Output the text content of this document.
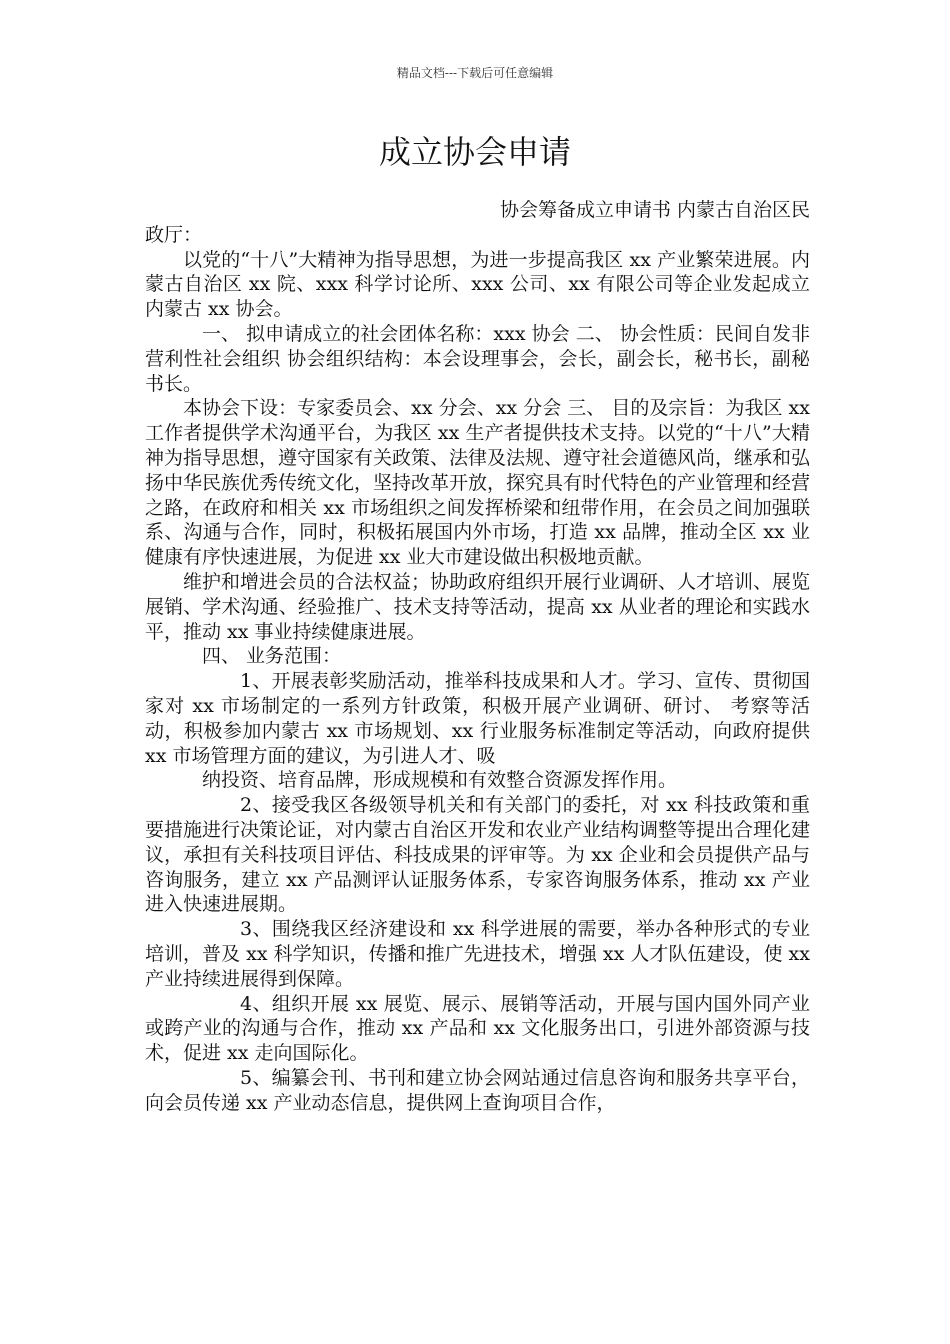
精品文档---下载后可任意编辑
成立协会申请

协会筹备成立申请书 内蒙古自治区民

政厅：

以党的“十八”大精神为指导思想，为进一步提高我区 xx 产业繁荣进展。内蒙古自治区 xx 院、xxx 科学讨论所、xxx 公司、xx 有限公司等企业发起成立内蒙古 xx 协会。

一、 拟申请成立的社会团体名称：xxx 协会 二、 协会性质：民间自发非营利性社会组织 协会组织结构：本会设理事会，会长，副会长，秘书长，副秘书长。

本协会下设：专家委员会、xx 分会、xx 分会 三、 目的及宗旨：为我区 xx 工作者提供学术沟通平台，为我区 xx 生产者提供技术支持。以党的“十八”大精神为指导思想，遵守国家有关政策、法律及法规、遵守社会道德风尚，继承和弘扬中华民族优秀传统文化，坚持改革开放，探究具有时代特色的产业管理和经营之路，在政府和相关 xx 市场组织之间发挥桥梁和纽带作用，在会员之间加强联系、沟通与合作，同时，积极拓展国内外市场，打造 xx 品牌，推动全区 xx 业健康有序快速进展，为促进 xx 业大市建设做出积极地贡献。

维护和增进会员的合法权益；协助政府组织开展行业调研、人才培训、展览展销、学术沟通、经验推广、技术支持等活动，提高 xx 从业者的理论和实践水平，推动 xx 事业持续健康进展。

四、 业务范围：

1、开展表彰奖励活动，推举科技成果和人才。学习、宣传、贯彻国家对 xx 市场制定的一系列方针政策，积极开展产业调研、研讨、 考察等活动，积极参加内蒙古 xx 市场规划、xx 行业服务标准制定等活动，向政府提供 xx 市场管理方面的建议，为引进人才、吸

纳投资、培育品牌，形成规模和有效整合资源发挥作用。

2、接受我区各级领导机关和有关部门的委托，对 xx 科技政策和重要措施进行决策论证，对内蒙古自治区开发和农业产业结构调整等提出合理化建议，承担有关科技项目评估、科技成果的评审等。为 xx 企业和会员提供产品与咨询服务，建立 xx 产品测评认证服务体系，专家咨询服务体系，推动 xx 产业进入快速进展期。

3、围绕我区经济建设和 xx 科学进展的需要，举办各种形式的专业培训，普及 xx 科学知识，传播和推广先进技术，增强 xx 人才队伍建设，使 xx 产业持续进展得到保障。

4、组织开展 xx 展览、展示、展销等活动，开展与国内国外同产业或跨产业的沟通与合作，推动 xx 产品和 xx 文化服务出口，引进外部资源与技术，促进 xx 走向国际化。

5、编纂会刊、书刊和建立协会网站通过信息咨询和服务共享平台，向会员传递 xx 产业动态信息，提供网上查询项目合作，
